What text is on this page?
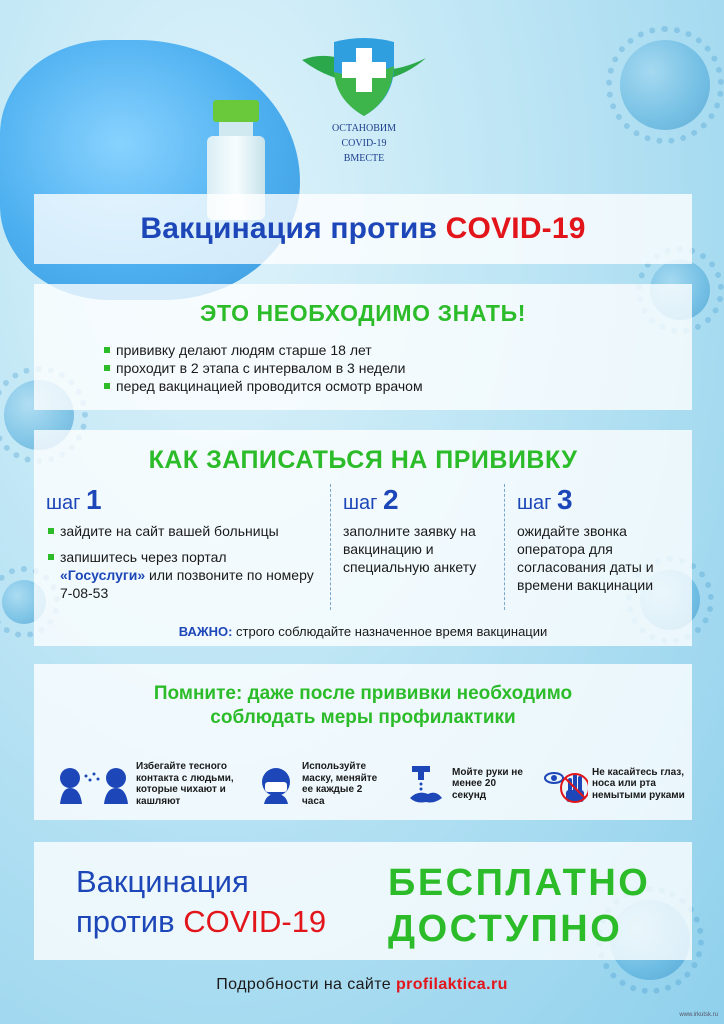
ОСТАНОВИМ
COVID-19
ВМЕСТЕ
Вакцинация против COVID-19
ЭТО НЕОБХОДИМО ЗНАТЬ!
прививку делают людям старше 18 лет
проходит в 2 этапа с интервалом в 3 недели
перед вакцинацией проводится осмотр врачом
КАК ЗАПИСАТЬСЯ НА ПРИВИВКУ
шаг 1
зайдите на сайт вашей больницы
запишитесь через портал
«Госуслуги» или позвоните по номеру 7-08-53
шаг 2
заполните заявку на вакцинацию и специальную анкету
шаг 3
ожидайте звонка оператора для согласования даты и времени вакцинации
ВАЖНО: строго соблюдайте назначенное время вакцинации
Помните: даже после прививки необходимо
соблюдать меры профилактики
Избегайте тесного контакта с людьми, которые чихают и кашляют
Используйте маску, меняйте ее каждые 2 часа
Мойте руки не менее 20 секунд
Не касайтесь глаз, носа или рта немытыми руками
Вакцинация
против COVID-19
БЕСПЛАТНО
ДОСТУПНО
Подробности на сайте profilaktica.ru
www.irkutsk.ru
